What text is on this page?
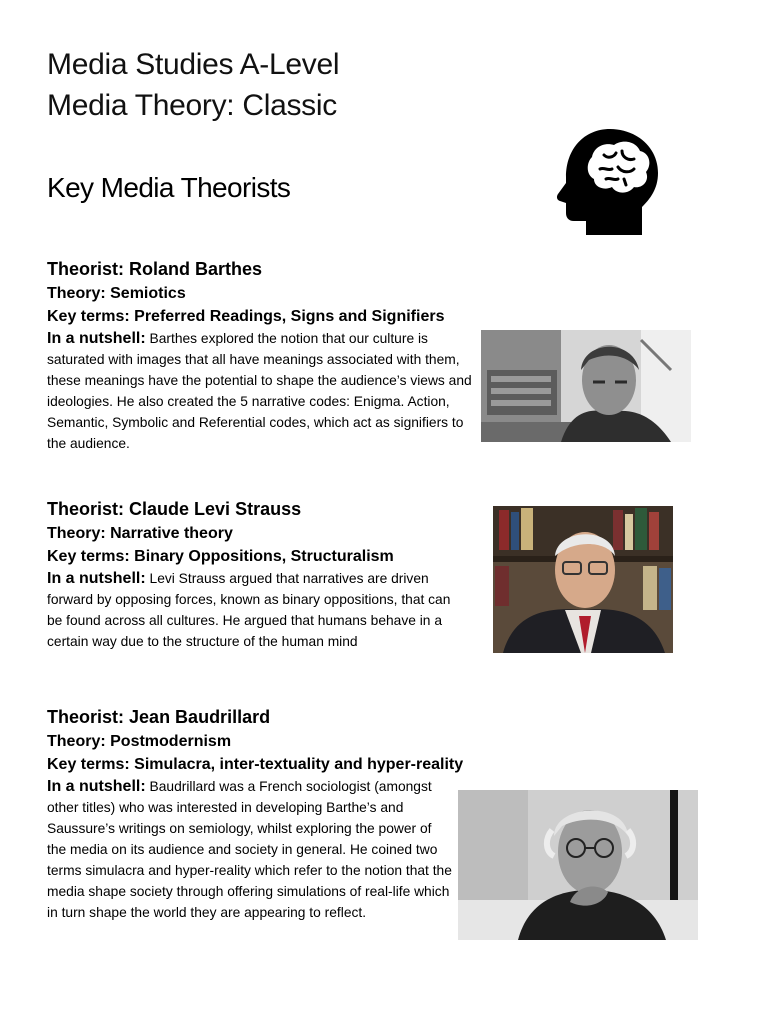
Media Studies A-Level
Media Theory: Classic
Key Media Theorists

Theorist: Roland Barthes

Theory: Semiotics

Key terms: Preferred Readings, Signs and Signifiers

In a nutshell: Barthes explored the notion that our culture is saturated with images that all have meanings associated with them, these meanings have the potential to shape the audience’s views and ideologies. He also created the 5 narrative codes: Enigma. Action, Semantic, Symbolic and Referential codes, which act as signifiers to the audience.

Theorist: Claude Levi Strauss

Theory: Narrative theory

Key terms: Binary Oppositions, Structuralism

In a nutshell: Levi Strauss argued that narratives are driven forward by opposing forces, known as binary oppositions, that can be found across all cultures. He argued that humans behave in a certain way due to the structure of the human mind

Theorist: Jean Baudrillard

Theory: Postmodernism

Key terms: Simulacra, inter-textuality and hyper-reality

In a nutshell: Baudrillard was a French sociologist (amongst other titles) who was interested in developing Barthe’s and Saussure’s writings on semiology, whilst exploring the power of the media on its audience and society in general. He coined two terms simulacra and hyper-reality which refer to the notion that the media shape society through offering simulations of real-life which in turn shape the world they are appearing to reflect.
